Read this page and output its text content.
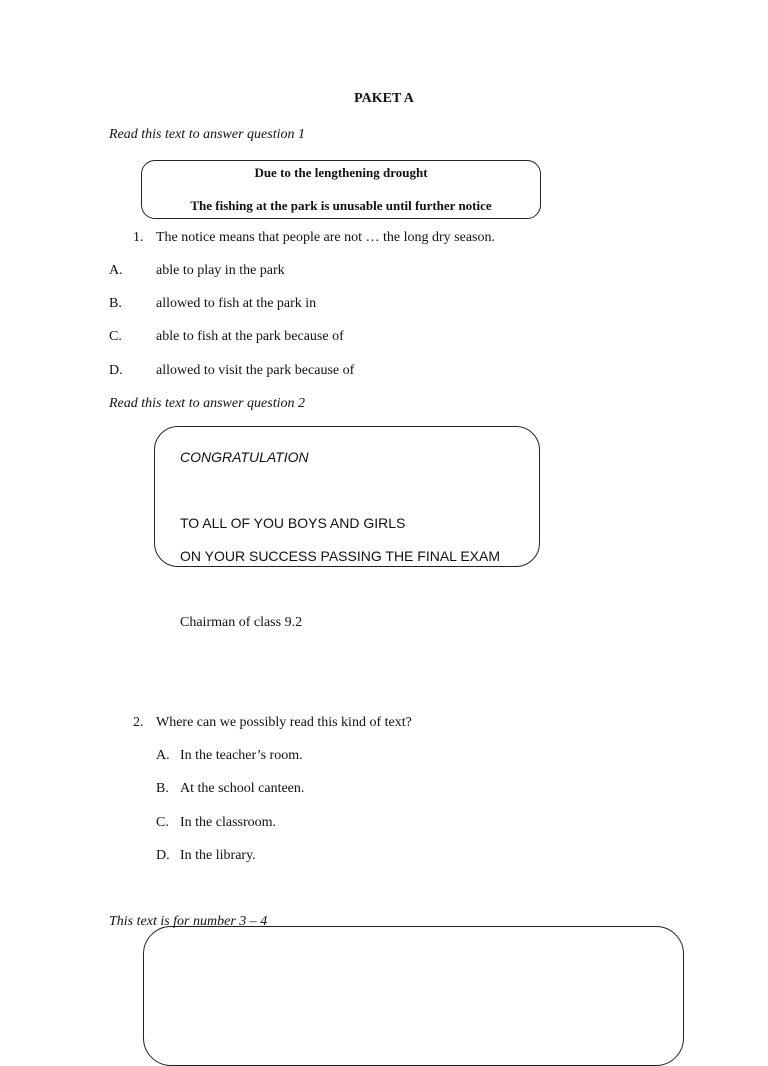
PAKET A
Read this text to answer question 1
Due to the lengthening drought
The fishing at the park is unusable until further notice
1. The notice means that people are not … the long dry season.
A. able to play in the park
B. allowed to fish at the park in
C. able to fish at the park because of
D. allowed to visit the park because of
Read this text to answer question 2
CONGRATULATION
TO ALL OF YOU BOYS AND GIRLS
ON YOUR SUCCESS PASSING THE FINAL EXAM
Chairman of class 9.2
2. Where can we possibly read this kind of text?
A. In the teacher’s room.
B. At the school canteen.
C. In the classroom.
D. In the library.
This text is for number 3 – 4
